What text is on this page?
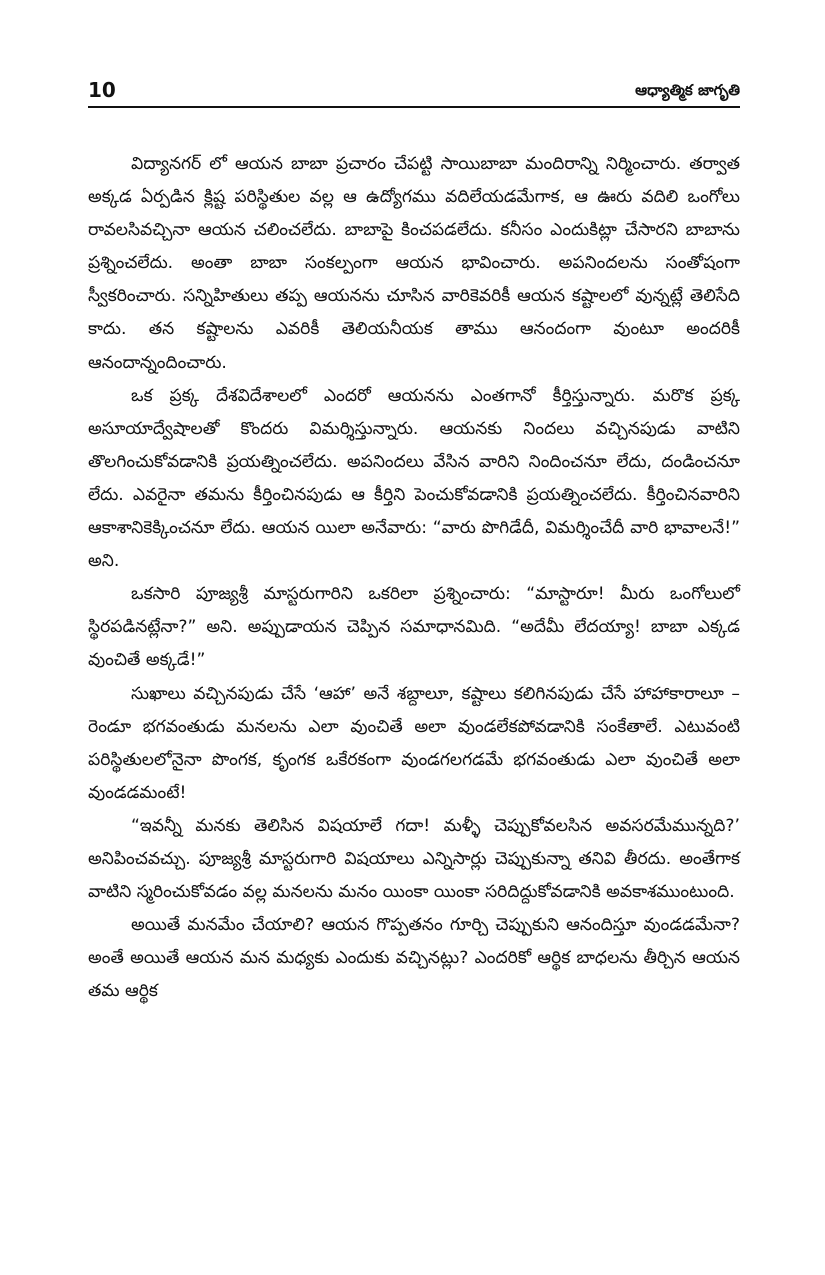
10	ఆధ్యాత్మిక జాగృతి

విద్యానగర్ లో ఆయన బాబా ప్రచారం చేపట్టి సాయిబాబా మందిరాన్ని నిర్మించారు. తర్వాత అక్కడ ఏర్పడిన క్లిష్ట పరిస్థితుల వల్ల ఆ ఉద్యోగము వదిలేయడమేగాక, ఆ ఊరు వదిలి ఒంగోలు రావలసివచ్చినా ఆయన చలించలేదు. బాబాపై కించపడలేదు. కనీసం ఎందుకిట్లా చేసారని బాబాను ప్రశ్నించలేదు. అంతా బాబా సంకల్పంగా ఆయన భావించారు. అపనిందలను సంతోషంగా స్వీకరించారు. సన్నిహితులు తప్ప ఆయనను చూసిన వారికెవరికీ ఆయన కష్టాలలో వున్నట్లే తెలిసేది కాదు. తన కష్టాలను ఎవరికీ తెలియనీయక తాము ఆనందంగా వుంటూ అందరికీ ఆనందాన్నందించారు.

ఒక ప్రక్క దేశవిదేశాలలో ఎందరో ఆయనను ఎంతగానో కీర్తిస్తున్నారు. మరొక ప్రక్క అసూయాద్వేషాలతో కొందరు విమర్శిస్తున్నారు. ఆయనకు నిందలు వచ్చినపుడు వాటిని తొలగించుకోవడానికి ప్రయత్నించలేదు. అపనిందలు వేసిన వారిని నిందించనూ లేదు, దండించనూ లేదు. ఎవరైనా తమను కీర్తించినపుడు ఆ కీర్తిని పెంచుకోవడానికి ప్రయత్నించలేదు. కీర్తించినవారిని ఆకాశానికెక్కించనూ లేదు. ఆయన యిలా అనేవారు: “వారు పొగిడేదీ, విమర్శించేదీ వారి భావాలనే!” అని.

ఒకసారి పూజ్యశ్రీ మాస్టరుగారిని ఒకరిలా ప్రశ్నించారు: “మాస్టారూ! మీరు ఒంగోలులో స్థిరపడినట్లేనా?” అని. అప్పుడాయన చెప్పిన సమాధానమిది. “అదేమీ లేదయ్యా! బాబా ఎక్కడ వుంచితే అక్కడే!”

సుఖాలు వచ్చినపుడు చేసే ‘ఆహా’ అనే శబ్దాలూ, కష్టాలు కలిగినపుడు చేసే హాహాకారాలూ – రెండూ భగవంతుడు మనలను ఎలా వుంచితే అలా వుండలేకపోవడానికి సంకేతాలే. ఎటువంటి పరిస్థితులలోనైనా పొంగక, కృంగక ఒకేరకంగా వుండగలగడమే భగవంతుడు ఎలా వుంచితే అలా వుండడమంటే!

“ఇవన్నీ మనకు తెలిసిన విషయాలే గదా! మళ్ళీ చెప్పుకోవలసిన అవసరమేమున్నది?’ అనిపించవచ్చు. పూజ్యశ్రీ మాస్టరుగారి విషయాలు ఎన్నిసార్లు చెప్పుకున్నా తనివి తీరదు. అంతేగాక వాటిని స్మరించుకోవడం వల్ల మనలను మనం యింకా యింకా సరిదిద్దుకోవడానికి అవకాశముంటుంది.

అయితే మనమేం చేయాలి? ఆయన గొప్పతనం గూర్చి చెప్పుకుని ఆనందిస్తూ వుండడమేనా? అంతే అయితే ఆయన మన మధ్యకు ఎందుకు వచ్చినట్లు? ఎందరికో ఆర్థిక బాధలను తీర్చిన ఆయన తమ ఆర్థిక
